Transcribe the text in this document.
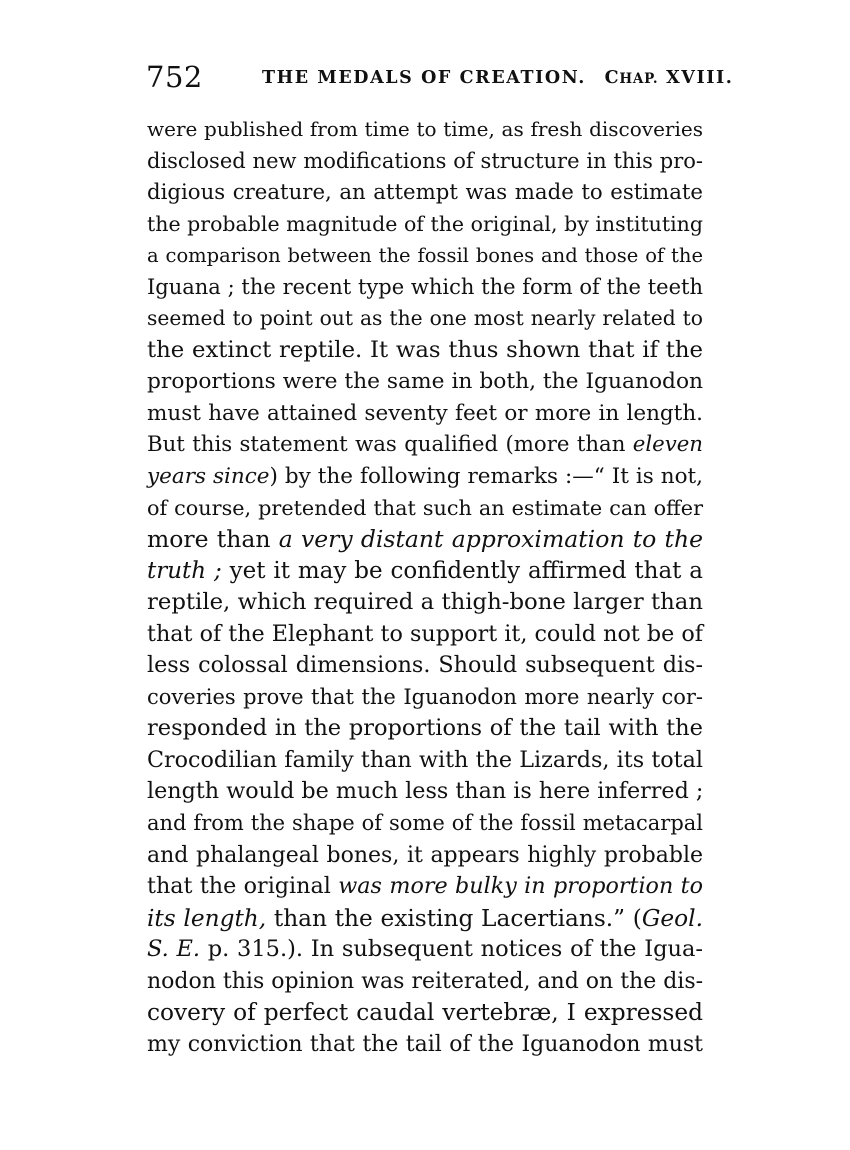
752	THE MEDALS OF CREATION. CHAP. XVIII.
were published from time to time, as fresh discoveries
disclosed new modifications of structure in this pro-
digious creature, an attempt was made to estimate
the probable magnitude of the original, by instituting
a comparison between the fossil bones and those of the
Iguana ; the recent type which the form of the teeth
seemed to point out as the one most nearly related to
the extinct reptile. It was thus shown that if the
proportions were the same in both, the Iguanodon
must have attained seventy feet or more in length.
But this statement was qualified (more than eleven
years since) by the following remarks :—“ It is not,
of course, pretended that such an estimate can offer
more than a very distant approximation to the
truth ; yet it may be confidently affirmed that a
reptile, which required a thigh-bone larger than
that of the Elephant to support it, could not be of
less colossal dimensions. Should subsequent dis-
coveries prove that the Iguanodon more nearly cor-
responded in the proportions of the tail with the
Crocodilian family than with the Lizards, its total
length would be much less than is here inferred ;
and from the shape of some of the fossil metacarpal
and phalangeal bones, it appears highly probable
that the original was more bulky in proportion to
its length, than the existing Lacertians.” (Geol.
S. E. p. 315.). In subsequent notices of the Igua-
nodon this opinion was reiterated, and on the dis-
covery of perfect caudal vertebræ, I expressed
my conviction that the tail of the Iguanodon must
